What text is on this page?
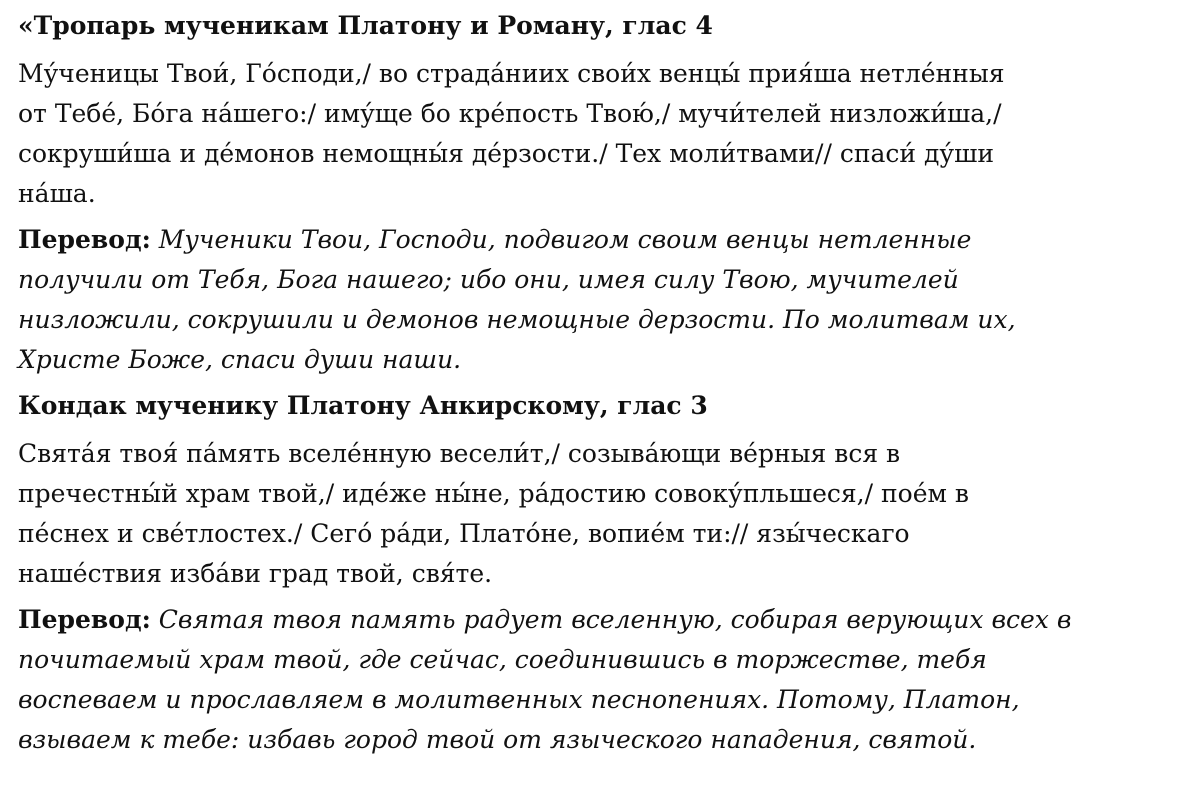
«Тропарь мученикам Платону и Роману, глас 4
Му́ченицы Твои́, Го́споди,/ во страда́ниих свои́х венцы́ прия́ша нетле́нныя
от Тебе́, Бо́га на́шего:/ иму́ще бо кре́пость Твою́,/ мучи́телей низложи́ша,/
сокруши́ша и де́монов немощны́я де́рзости./ Тех моли́твами// спаси́ ду́ши
на́ша.
Перевод: Мученики Твои, Господи, подвигом своим венцы нетленные
получили от Тебя, Бога нашего; ибо они, имея силу Твою, мучителей
низложили, сокрушили и демонов немощные дерзости. По молитвам их,
Христе Боже, спаси души наши.
Кондак мученику Платону Анкирскому, глас 3
Свята́я твоя́ па́мять вселе́нную весели́т,/ созыва́ющи ве́рныя вся в
пречестны́й храм твой,/ иде́же ны́не, ра́достию совоку́пльшеся,/ пое́м в
пе́снех и све́тлостех./ Сего́ ра́ди, Плато́не, вопие́м ти:// язы́ческаго
наше́ствия изба́ви град твой, свя́те.
Перевод: Святая твоя память радует вселенную, собирая верующих всех в
почитаемый храм твой, где сейчас, соединившись в торжестве, тебя
воспеваем и прославляем в молитвенных песнопениях. Потому, Платон,
взываем к тебе: избавь город твой от языческого нападения, святой.
